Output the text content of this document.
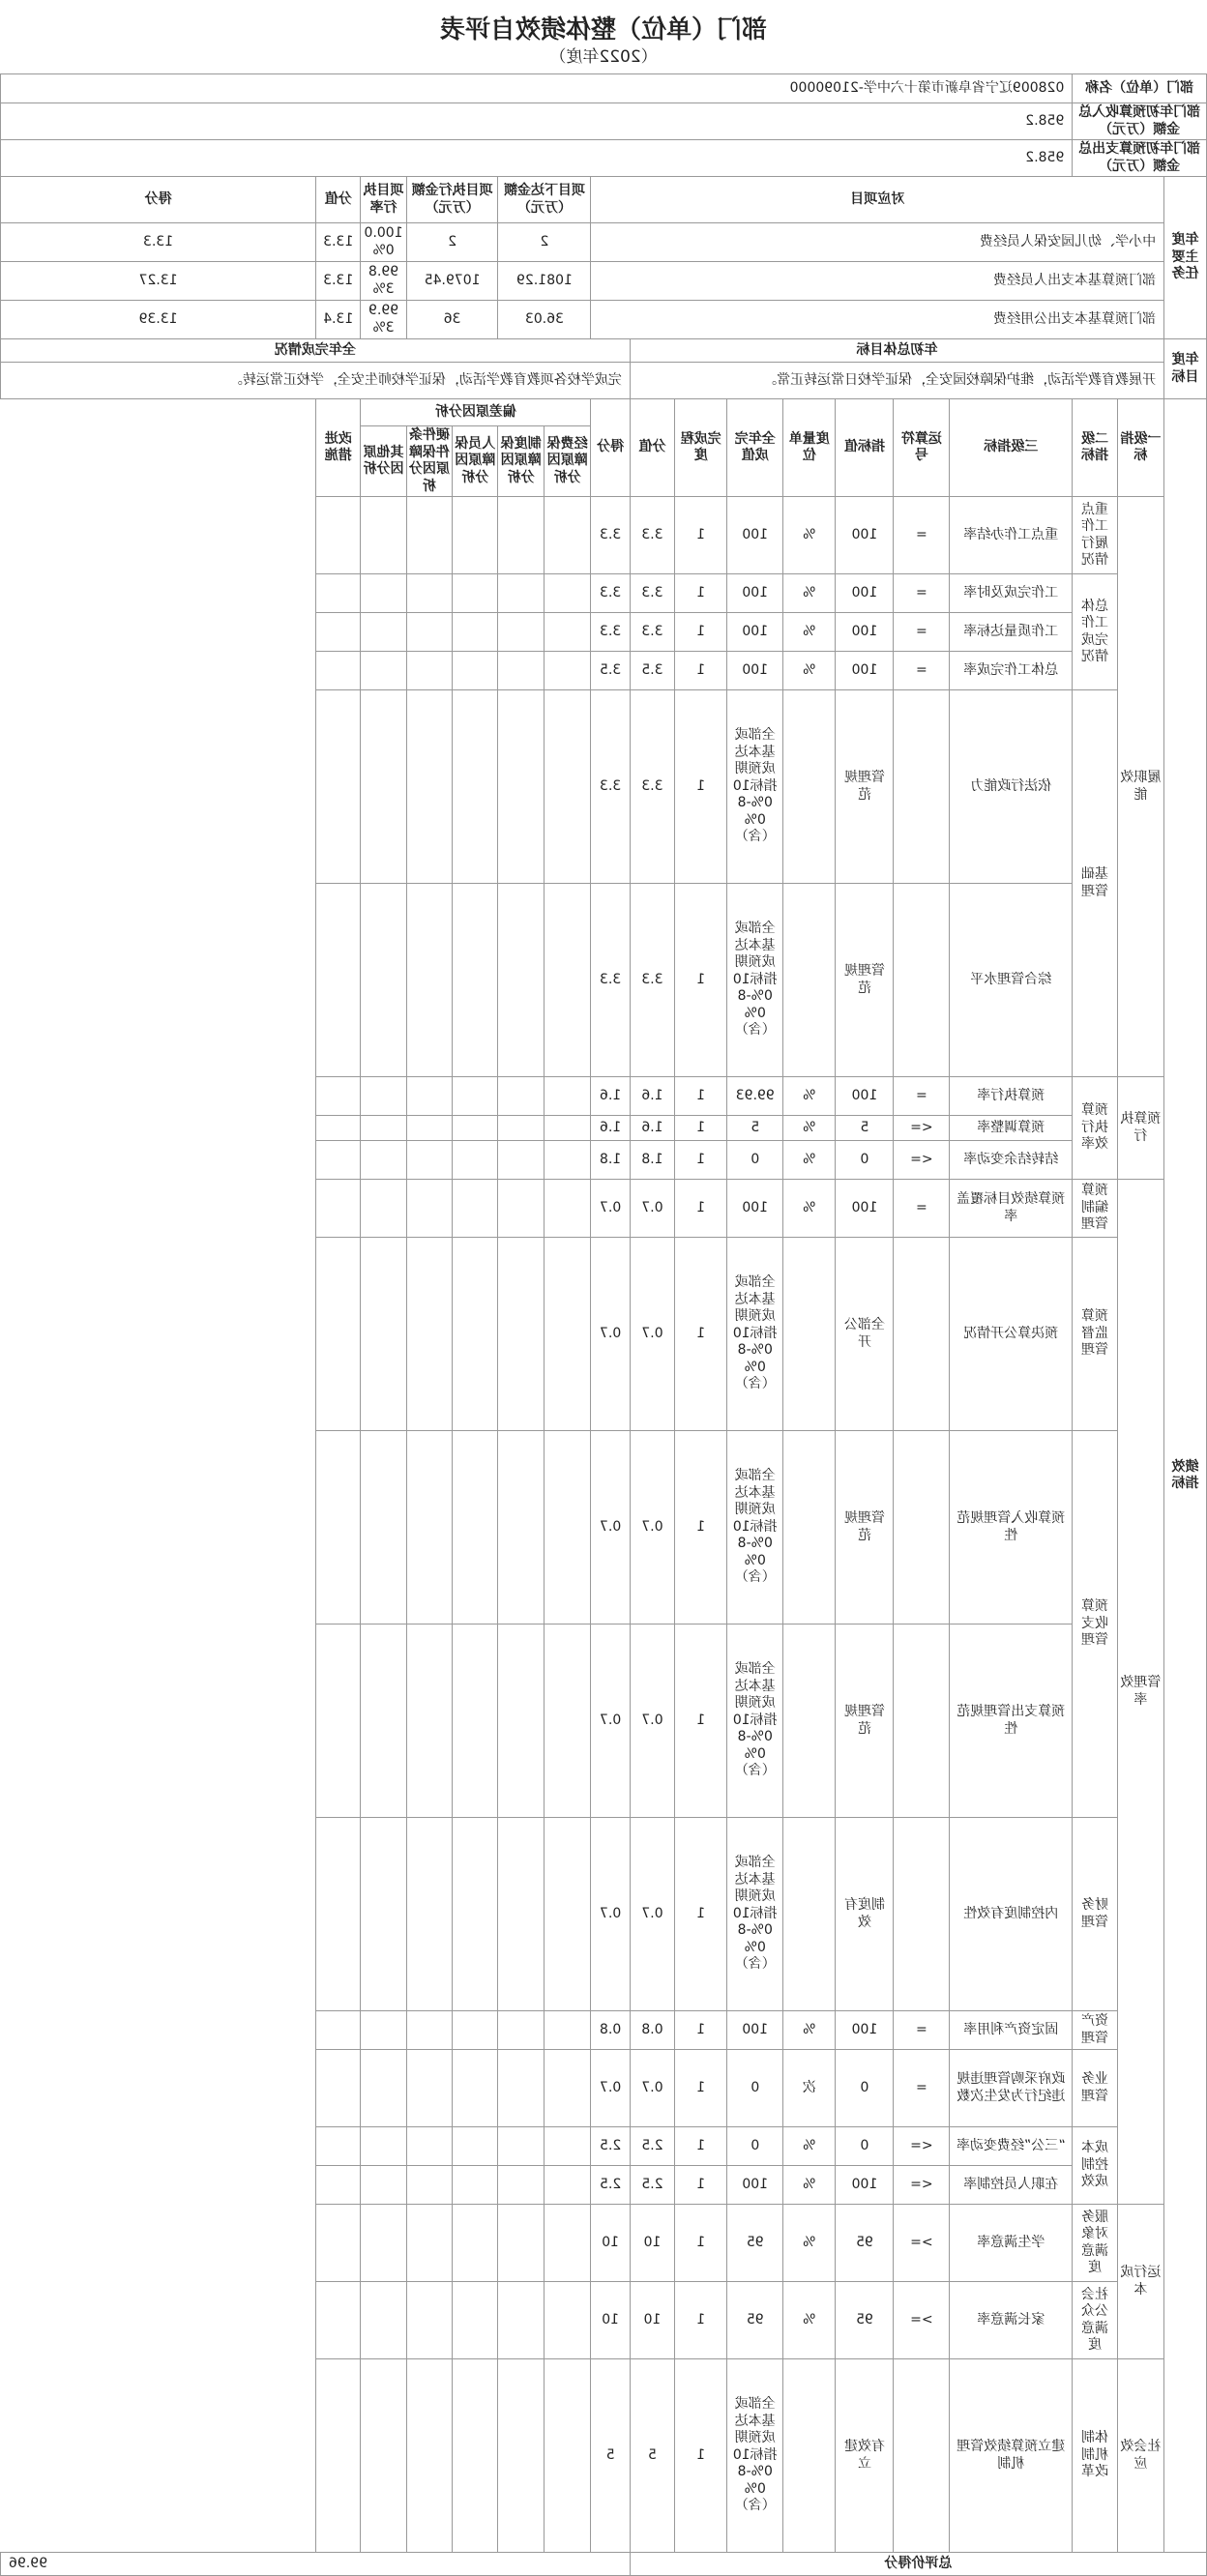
部门（单位）整体绩效自评表
（2022年度）
部门（单位）名称			028009辽宁省阜新市第十六中学-21090000														
部门年初预算收入总金额（万元）			958.2														
部门年初预算支出总金额（万元）			958.2														
年度主要任务	对应项目										项目下达金额（万元）		项目执行金额（万元）		项目执行率	分值	得分
	中小学、幼儿园安保人员经费										2		2		100.00%	13.3	13.3
	部门预算基本支出人员经费										1081.29		1079.45		99.83%	13.3	13.27
	部门预算基本支出公用经费										36.03		36		99.93%	13.4	13.39
年度目标	年初总体目标									全年完成情况							
	开展教育教学活动，维护保障校园安全，保证学校日常运转正常。									完成学校各项教育教学活动，保证学校师生安全，学校正常运转。							
绩效指标	一级指标	二级指标	三级指标	运算符号	指标值	度量单位	全年完成值	完成程度	分值	得分	偏差原因分析					改进措施	
											经费保障原因分析	制度保障原因分析	人员保障原因分析	硬件条件保障原因分析	其他原因分析		
	履职效能	重点工作履行情况	重点工作办结率	=	100	%	100	1	3.3	3.3							
		总体工作完成情况	工作完成及时率	=	100	%	100	1	3.3	3.3							
			工作质量达标率	=	100	%	100	1	3.3	3.3							
			总体工作完成率	=	100	%	100	1	3.5	3.5							
		基础管理	依法行政能力		管理规范		全部或基本达成预期指标100%-80%（含）	1	3.3	3.3							
			综合管理水平		管理规范		全部或基本达成预期指标100%-80%（含）	1	3.3	3.3							
	预算执行	预算执行效率	预算执行率	=	100	%	99.93	1	1.6	1.6							
			预算调整率	<=	5	%	5	1	1.6	1.6							
			结转结余变动率	<=	0	%	0	1	1.8	1.8							
	管理效率	预算编制管理	预算绩效目标覆盖率	=	100	%	100	1	0.7	0.7							
		预算监督管理	预决算公开情况		全部公开		全部或基本达成预期指标100%-80%（含）	1	0.7	0.7							
		预算收支管理	预算收入管理规范性		管理规范		全部或基本达成预期指标100%-80%（含）	1	0.7	0.7							
			预算支出管理规范性		管理规范		全部或基本达成预期指标100%-80%（含）	1	0.7	0.7							
		财务管理	内控制度有效性		制度有效		全部或基本达成预期指标100%-80%（含）	1	0.7	0.7							
		资产管理	固定资产利用率	=	100	%	100	1	0.8	0.8							
		业务管理	政府采购管理违规违纪行为发生次数	=	0	次	0	1	0.7	0.7							
		成本控制成效	“三公”经费变动率	<=	0	%	0	1	2.5	2.5							
			在职人员控制率	<=	100	%	100	1	2.5	2.5							
	运行成本	服务对象满意度	学生满意率	>=	95	%	95	1	10	10							
		社会公众满意度	家长满意率	>=	95	%	95	1	10	10							
	社会效应	体制机制改革	建立预算绩效管理机制		有效建立		全部或基本达成预期指标100%-80%（含）	1	5	5							
总评价得分										99.96							
